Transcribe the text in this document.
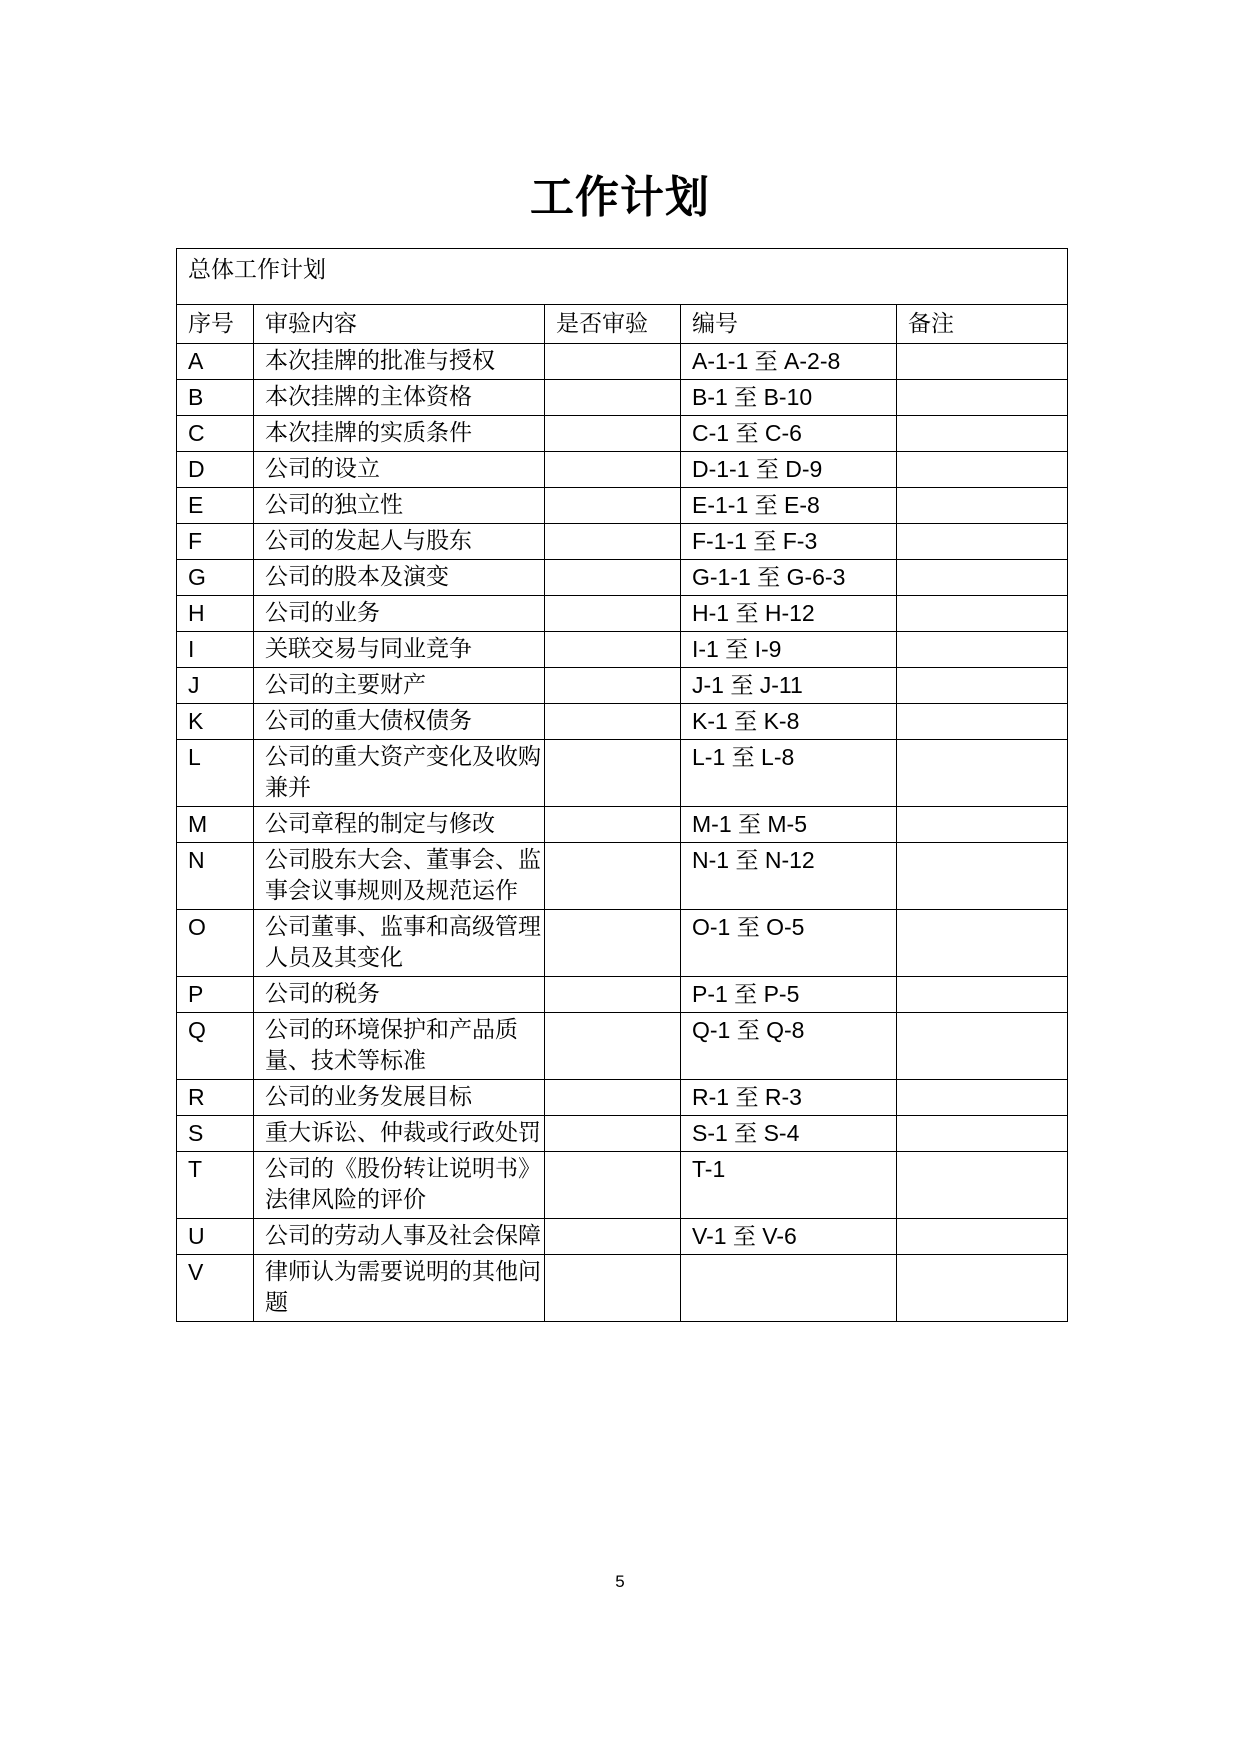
工作计划
总体工作计划				
序号	审验内容	是否审验	编号	备注
A	本次挂牌的批准与授权		A-1-1 至 A-2-8	
B	本次挂牌的主体资格		B-1 至 B-10	
C	本次挂牌的实质条件		C-1 至 C-6	
D	公司的设立		D-1-1 至 D-9	
E	公司的独立性		E-1-1 至 E-8	
F	公司的发起人与股东		F-1-1 至 F-3	
G	公司的股本及演变		G-1-1 至 G-6-3	
H	公司的业务		H-1 至 H-12	
I	关联交易与同业竞争		I-1 至 I-9	
J	公司的主要财产		J-1 至 J-11	
K	公司的重大债权债务		K-1 至 K-8	
L	公司的重大资产变化及收购兼并		L-1 至 L-8	
M	公司章程的制定与修改		M-1 至 M-5	
N	公司股东大会、董事会、监事会议事规则及规范运作		N-1 至 N-12	
O	公司董事、监事和高级管理人员及其变化		O-1 至 O-5	
P	公司的税务		P-1 至 P-5	
Q	公司的环境保护和产品质量、技术等标准		Q-1 至 Q-8	
R	公司的业务发展目标		R-1 至 R-3	
S	重大诉讼、仲裁或行政处罚		S-1 至 S-4	
T	公司的《股份转让说明书》法律风险的评价		T-1	
U	公司的劳动人事及社会保障		V-1 至 V-6	
V	律师认为需要说明的其他问题			
5
